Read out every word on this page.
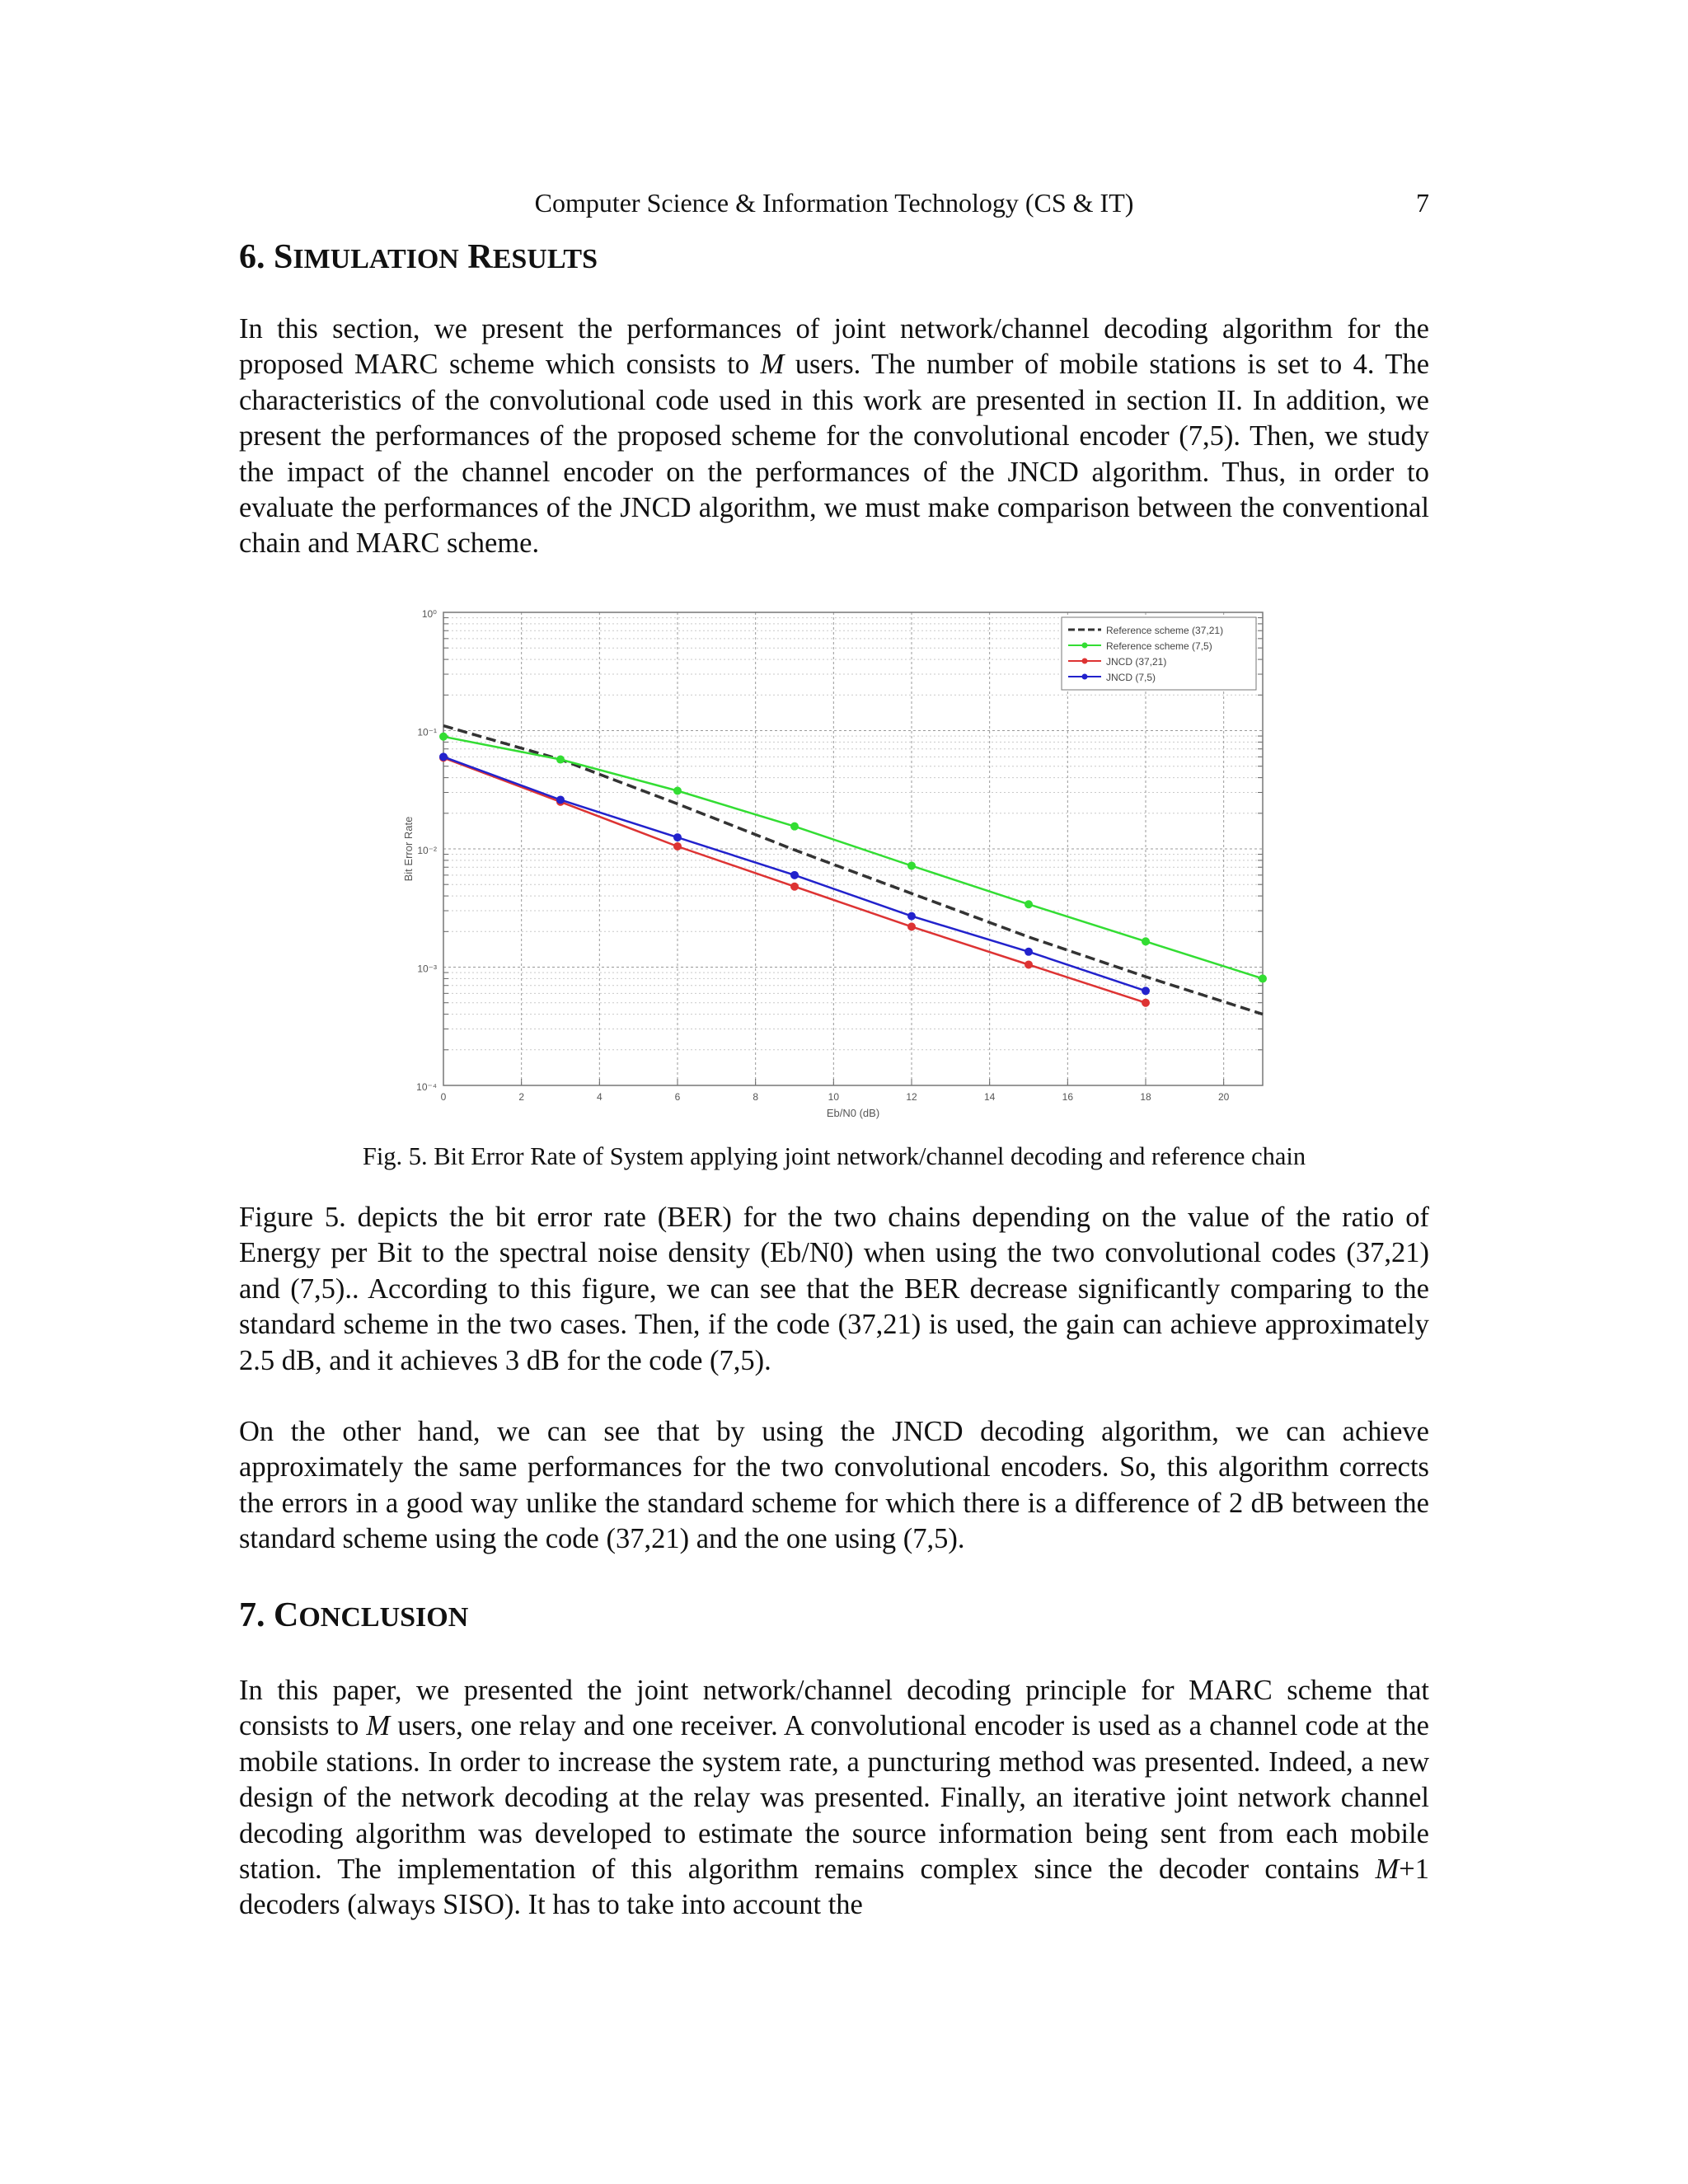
Computer Science & Information Technology (CS & IT)	7
6. SIMULATION RESULTS

In this section, we present the performances of joint network/channel decoding algorithm for the proposed MARC scheme which consists to M users. The number of mobile stations is set to 4. The characteristics of the convolutional code used in this work are presented in section II. In addition, we present the performances of the proposed scheme for the convolutional encoder (7,5). Then, we study the impact of the channel encoder on the performances of the JNCD algorithm. Thus, in order to evaluate the performances of the JNCD algorithm, we must make comparison between the conventional chain and MARC scheme.

10⁰
10⁻¹
10⁻²
10⁻³
10⁻⁴
0	2	4	6	8	10	12	14	16	18	20
Eb/N0 (dB)
Bit Error Rate
Reference scheme (37,21)
Reference scheme (7,5)
JNCD (37,21)
JNCD (7,5)

Fig. 5. Bit Error Rate of System applying joint network/channel decoding and reference chain

Figure 5. depicts the bit error rate (BER) for the two chains depending on the value of the ratio of Energy per Bit to the spectral noise density (Eb/N0) when using the two convolutional codes (37,21) and (7,5).. According to this figure, we can see that the BER decrease significantly comparing to the standard scheme in the two cases. Then, if the code (37,21) is used, the gain can achieve approximately 2.5 dB, and it achieves 3 dB for the code (7,5).

On the other hand, we can see that by using the JNCD decoding algorithm, we can achieve approximately the same performances for the two convolutional encoders. So, this algorithm corrects the errors in a good way unlike the standard scheme for which there is a difference of 2 dB between the standard scheme using the code (37,21) and the one using (7,5).

7. CONCLUSION

In this paper, we presented the joint network/channel decoding principle for MARC scheme that consists to M users, one relay and one receiver. A convolutional encoder is used as a channel code at the mobile stations. In order to increase the system rate, a puncturing method was presented. Indeed, a new design of the network decoding at the relay was presented. Finally, an iterative joint network channel decoding algorithm was developed to estimate the source information being sent from each mobile station. The implementation of this algorithm remains complex since the decoder contains M+1 decoders (always SISO). It has to take into account the
